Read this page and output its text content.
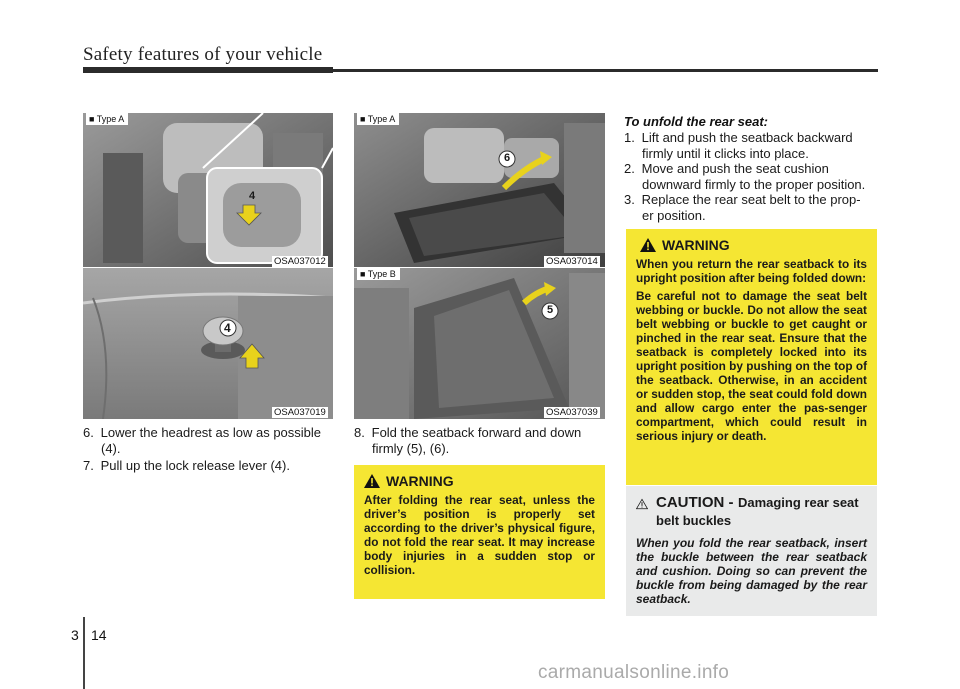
Safety features of your vehicle
■ Type A
4
OSA037012
4
OSA037019
■ Type A
6
OSA037014
■ Type B
5
OSA037039
6. Lower the headrest as low as possible
(4).
7. Pull up the lock release lever (4).
8. Fold the seatback forward and down
firmly (5), (6).
WARNING
After folding the rear seat, unless the driver’s position is properly set according to the driver’s physical figure, do not fold the rear seat. It may increase body injuries in a sudden stop or collision.
To unfold the rear seat:
1. Lift and push the seatback backward
firmly until it clicks into place.
2. Move and push the seat cushion
downward firmly to the proper position.
3. Replace the rear seat belt to the prop-
er position.
WARNING
When you return the rear seatback to its upright position after being folded down:
Be careful not to damage the seat belt webbing or buckle. Do not allow the seat belt webbing or buckle to get caught or pinched in the rear seat. Ensure that the seatback is completely locked into its upright position by pushing on the top of the seatback. Otherwise, in an accident or sudden stop, the seat could fold down and allow cargo enter the pas-senger compartment, which could result in serious injury or death.
CAUTION - Damaging rear seat belt buckles
When you fold the rear seatback, insert the buckle between the rear seatback and cushion. Doing so can prevent the buckle from being damaged by the rear seatback.
3 14
carmanualsonline.info
